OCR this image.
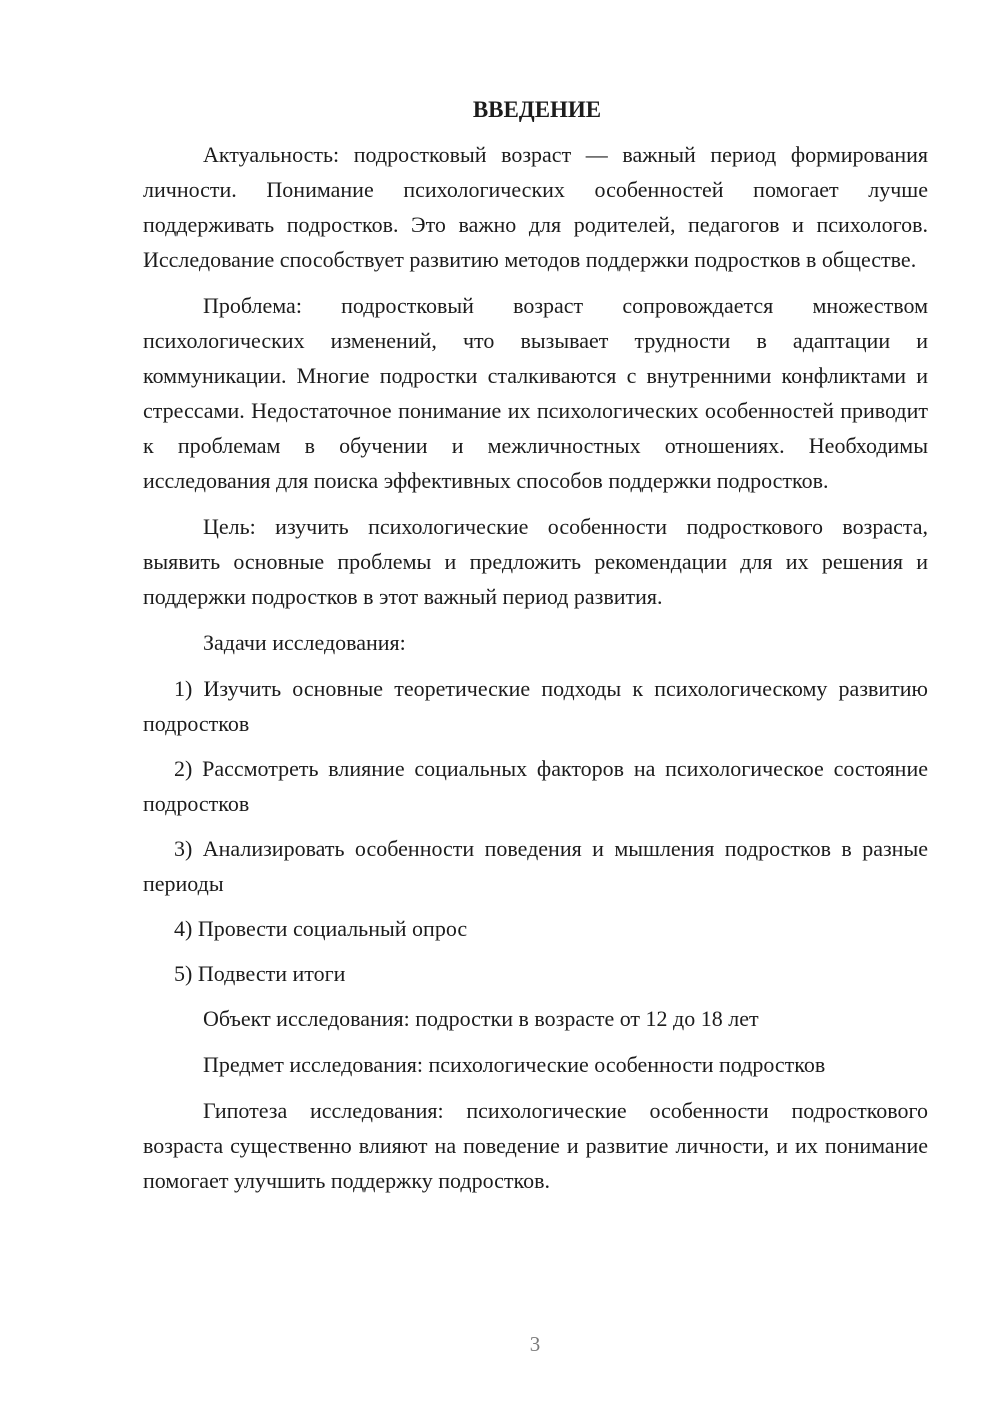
ВВЕДЕНИЕ

Актуальность: подростковый возраст — важный период формирования личности. Понимание психологических особенностей помогает лучше поддерживать подростков. Это важно для родителей, педагогов и психологов. Исследование способствует развитию методов поддержки подростков в обществе.

Проблема: подростковый возраст сопровождается множеством психологических изменений, что вызывает трудности в адаптации и коммуникации. Многие подростки сталкиваются с внутренними конфликтами и стрессами. Недостаточное понимание их психологических особенностей приводит к проблемам в обучении и межличностных отношениях. Необходимы исследования для поиска эффективных способов поддержки подростков.

Цель: изучить психологические особенности подросткового возраста, выявить основные проблемы и предложить рекомендации для их решения и поддержки подростков в этот важный период развития.

Задачи исследования:

1) Изучить основные теоретические подходы к психологическому развитию подростков

2) Рассмотреть влияние социальных факторов на психологическое состояние подростков

3) Анализировать особенности поведения и мышления подростков в разные периоды

4) Провести социальный опрос

5) Подвести итоги

Объект исследования: подростки в возрасте от 12 до 18 лет

Предмет исследования: психологические особенности подростков

Гипотеза исследования: психологические особенности подросткового возраста существенно влияют на поведение и развитие личности, и их понимание помогает улучшить поддержку подростков.

3
